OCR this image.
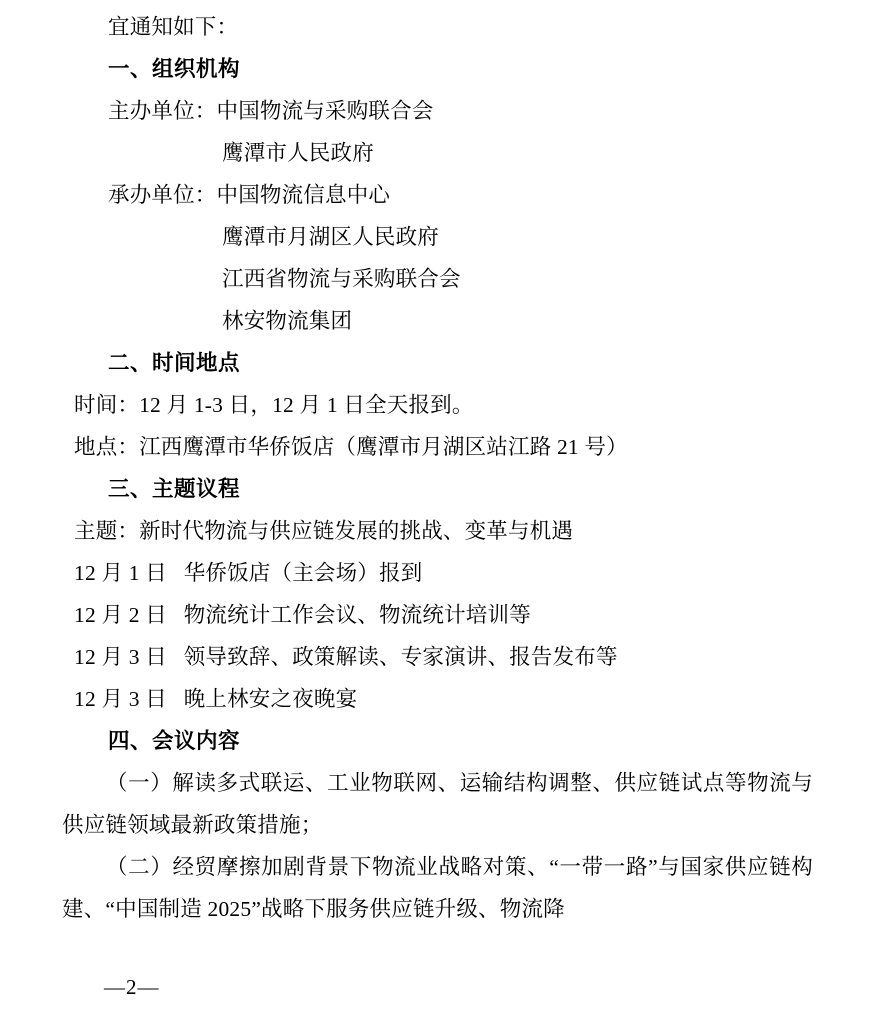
宜通知如下：
一、组织机构
主办单位：中国物流与采购联合会
鹰潭市人民政府
承办单位：中国物流信息中心
鹰潭市月湖区人民政府
江西省物流与采购联合会
林安物流集团
二、时间地点
时间：12 月 1-3 日，12 月 1 日全天报到。
地点：江西鹰潭市华侨饭店（鹰潭市月湖区站江路 21 号）
三、主题议程
主题：新时代物流与供应链发展的挑战、变革与机遇
12 月 1 日   华侨饭店（主会场）报到
12 月 2 日   物流统计工作会议、物流统计培训等
12 月 3 日   领导致辞、政策解读、专家演讲、报告发布等
12 月 3 日   晚上林安之夜晚宴
四、会议内容
（一）解读多式联运、工业物联网、运输结构调整、供应链试点等物流与供应链领域最新政策措施；
（二）经贸摩擦加剧背景下物流业战略对策、“一带一路”与国家供应链构建、“中国制造 2025”战略下服务供应链升级、物流降
—2—
